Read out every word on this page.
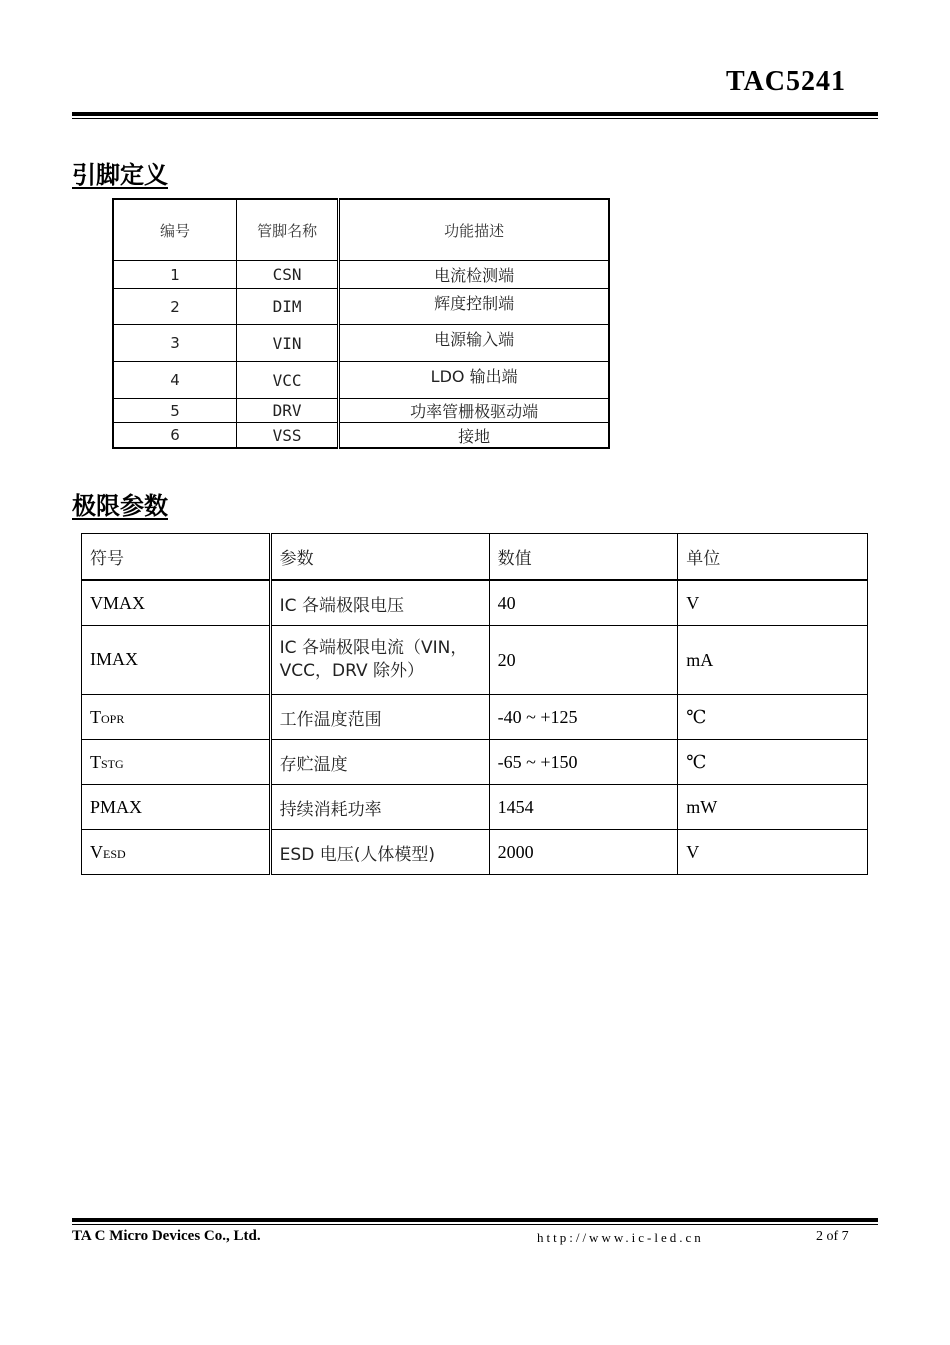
TAC5241
引脚定义
编号	管脚名称	功能描述
1	CSN	电流检测端
2	DIM	辉度控制端
3	VIN	电源输入端
4	VCC	LDO 输出端
5	DRV	功率管栅极驱动端
6	VSS	接地
极限参数
符号	参数	数值	单位
VMAX	IC 各端极限电压	40	V
IMAX	IC 各端极限电流（VIN，VCC，DRV 除外）	20	mA
TOPR	工作温度范围	-40 ~ +125	℃
TSTG	存贮温度	-65 ~ +150	℃
PMAX	持续消耗功率	1454	mW
VESD	ESD 电压(人体模型)	2000	V
TA C Micro Devices Co., Ltd.	http://www.ic-led.cn	2 of 7
